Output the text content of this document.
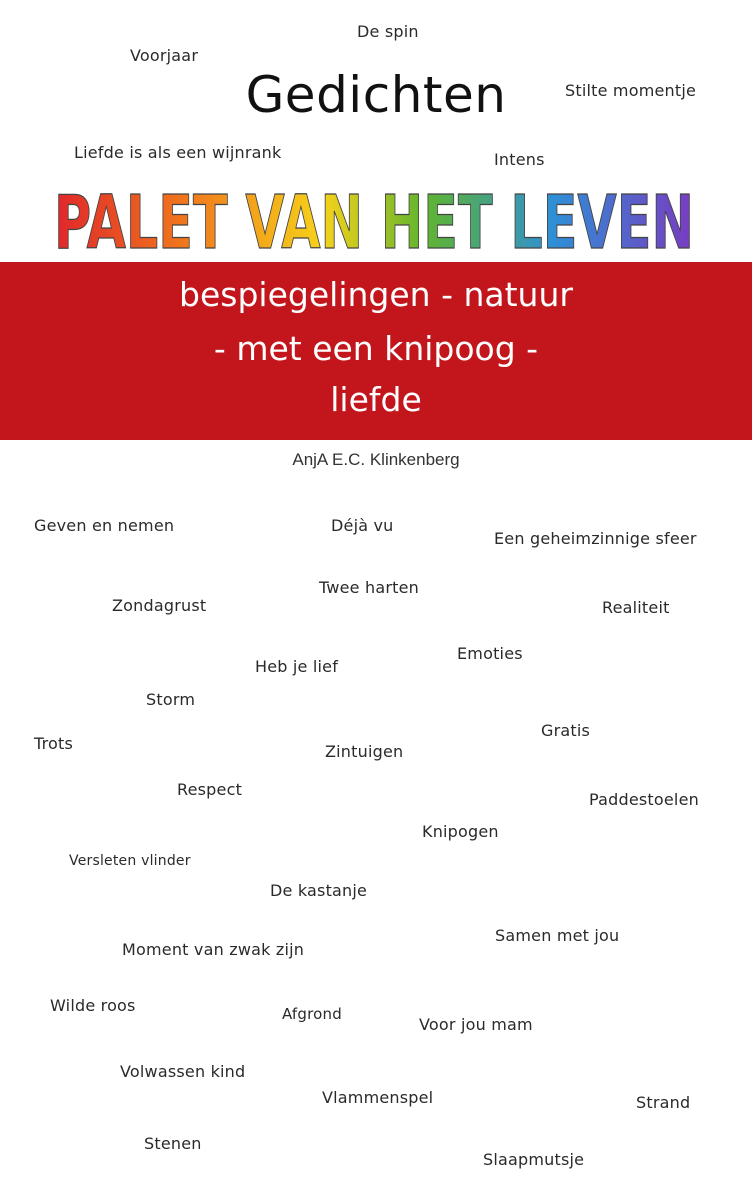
De spin
Voorjaar
Stilte momentje
Liefde is als een wijnrank	Intens
Gedichten
PALET VAN HET LEVEN
bespiegelingen - natuur
- met een knipoog -
liefde
AnjA E.C. Klinkenberg
Geven en nemen	Déjà vu
Een geheimzinnige sfeer
Twee harten
Zondagrust	Realiteit
Emoties
Heb je lief
Storm
Gratis
Trots	Zintuigen
Respect
Paddestoelen
Knipogen
Versleten vlinder
De kastanje
Samen met jou
Moment van zwak zijn
Wilde roos	Afgrond
Voor jou mam
Volwassen kind
Vlammenspel	Strand
Stenen
Slaapmutsje
